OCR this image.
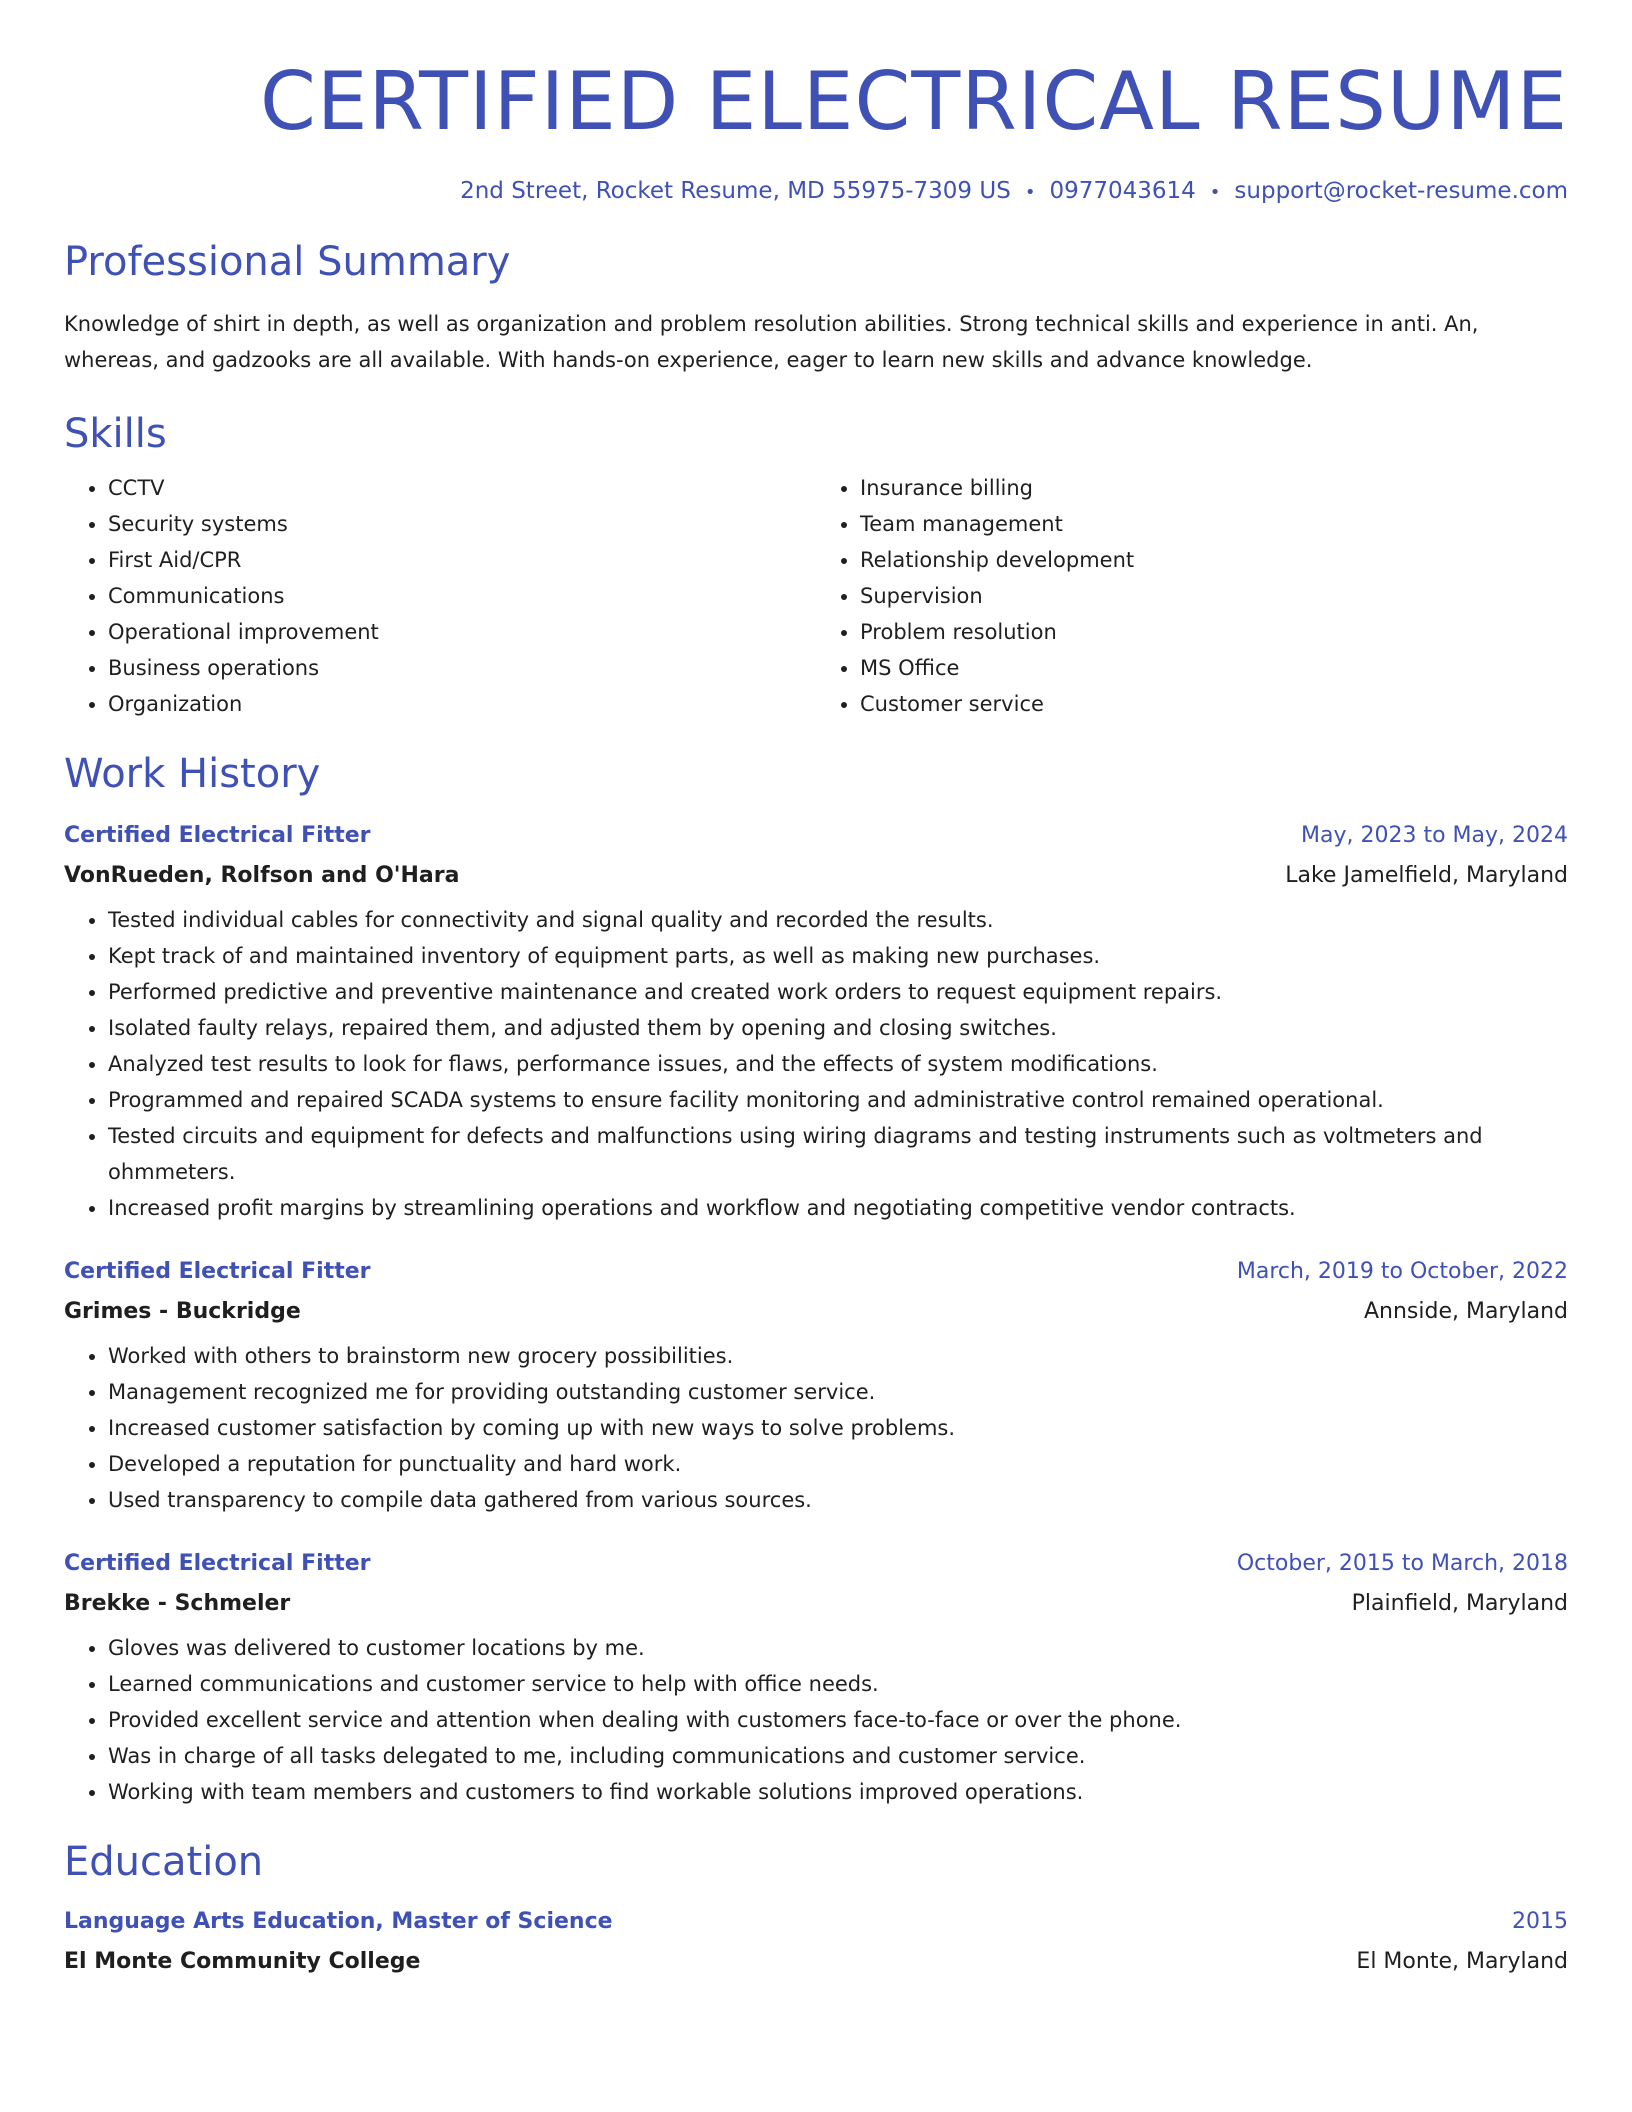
CERTIFIED ELECTRICAL RESUME
2nd Street, Rocket Resume, MD 55975-7309 US • 0977043614 • support@rocket-resume.com
Professional Summary

Knowledge of shirt in depth, as well as organization and problem resolution abilities. Strong technical skills and experience in anti. An, whereas, and gadzooks are all available. With hands-on experience, eager to learn new skills and advance knowledge.

Skills
• CCTV
• Security systems
• First Aid/CPR
• Communications
• Operational improvement
• Business operations
• Organization
• Insurance billing
• Team management
• Relationship development
• Supervision
• Problem resolution
• MS Office
• Customer service
Work History
Certified Electrical Fitter	May, 2023 to May, 2024
VonRueden, Rolfson and O'Hara	Lake Jamelfield, Maryland
• Tested individual cables for connectivity and signal quality and recorded the results.
• Kept track of and maintained inventory of equipment parts, as well as making new purchases.
• Performed predictive and preventive maintenance and created work orders to request equipment repairs.
• Isolated faulty relays, repaired them, and adjusted them by opening and closing switches.
• Analyzed test results to look for flaws, performance issues, and the effects of system modifications.
• Programmed and repaired SCADA systems to ensure facility monitoring and administrative control remained operational.
• Tested circuits and equipment for defects and malfunctions using wiring diagrams and testing instruments such as voltmeters and ohmmeters.
• Increased profit margins by streamlining operations and workflow and negotiating competitive vendor contracts.
Certified Electrical Fitter	March, 2019 to October, 2022
Grimes - Buckridge	Annside, Maryland
• Worked with others to brainstorm new grocery possibilities.
• Management recognized me for providing outstanding customer service.
• Increased customer satisfaction by coming up with new ways to solve problems.
• Developed a reputation for punctuality and hard work.
• Used transparency to compile data gathered from various sources.
Certified Electrical Fitter	October, 2015 to March, 2018
Brekke - Schmeler	Plainfield, Maryland
• Gloves was delivered to customer locations by me.
• Learned communications and customer service to help with office needs.
• Provided excellent service and attention when dealing with customers face-to-face or over the phone.
• Was in charge of all tasks delegated to me, including communications and customer service.
• Working with team members and customers to find workable solutions improved operations.
Education
Language Arts Education, Master of Science	2015
El Monte Community College	El Monte, Maryland
